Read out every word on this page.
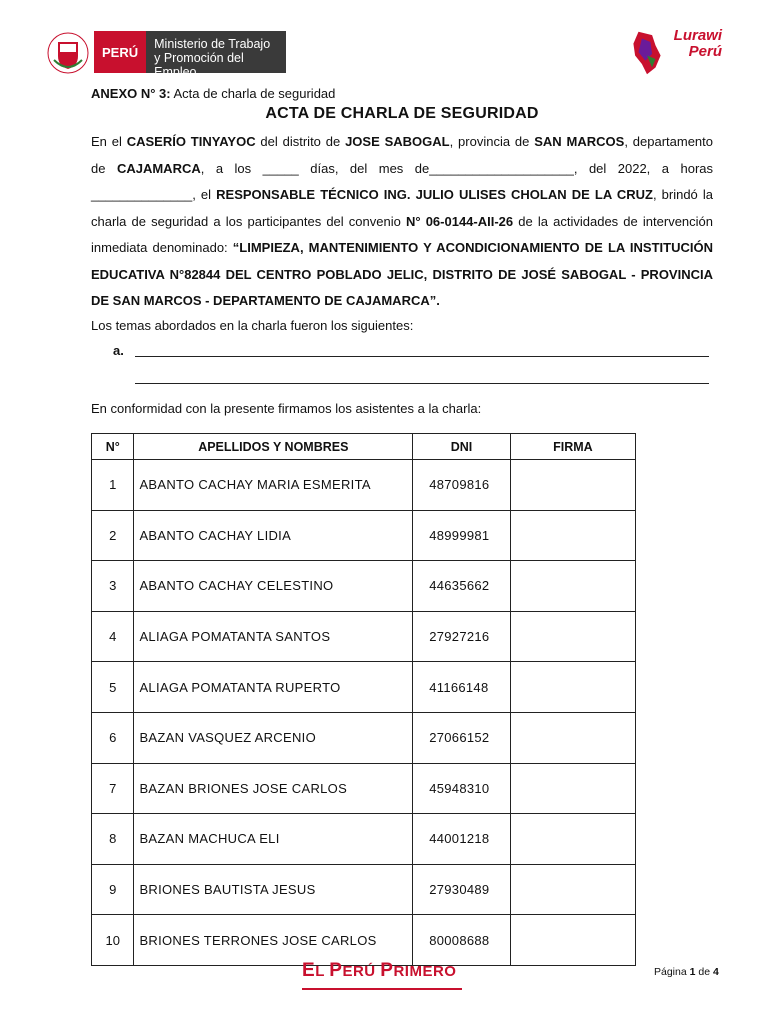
PERÚ
Ministerio de Trabajo
y Promoción del Empleo
Lurawi
Perú

ANEXO N° 3: Acta de charla de seguridad

ACTA DE CHARLA DE SEGURIDAD

En el CASERÍO TINYAYOC del distrito de JOSE SABOGAL, provincia de SAN MARCOS, departamento de CAJAMARCA, a los _____ días, del mes de____________________, del 2022, a horas ______________, el RESPONSABLE TÉCNICO ING. JULIO ULISES CHOLAN DE LA CRUZ, brindó la charla de seguridad a los participantes del convenio N° 06-0144-AII-26 de la actividades de intervención inmediata denominado: “LIMPIEZA, MANTENIMIENTO Y ACONDICIONAMIENTO DE LA INSTITUCIÓN EDUCATIVA N°82844 DEL CENTRO POBLADO JELIC, DISTRITO DE JOSÉ SABOGAL - PROVINCIA DE SAN MARCOS - DEPARTAMENTO DE CAJAMARCA”.

Los temas abordados en la charla fueron los siguientes:

a.

En conformidad con la presente firmamos los asistentes a la charla:

N°	APELLIDOS Y NOMBRES	DNI	FIRMA
1	ABANTO CACHAY MARIA ESMERITA	48709816	
2	ABANTO CACHAY LIDIA	48999981	
3	ABANTO CACHAY CELESTINO	44635662	
4	ALIAGA POMATANTA SANTOS	27927216	
5	ALIAGA POMATANTA RUPERTO	41166148	
6	BAZAN VASQUEZ ARCENIO	27066152	
7	BAZAN BRIONES JOSE CARLOS	45948310	
8	BAZAN MACHUCA ELI	44001218	
9	BRIONES BAUTISTA JESUS	27930489	
10	BRIONES TERRONES JOSE CARLOS	80008688	
EL PERÚ PRIMERO	Página 1 de 4
